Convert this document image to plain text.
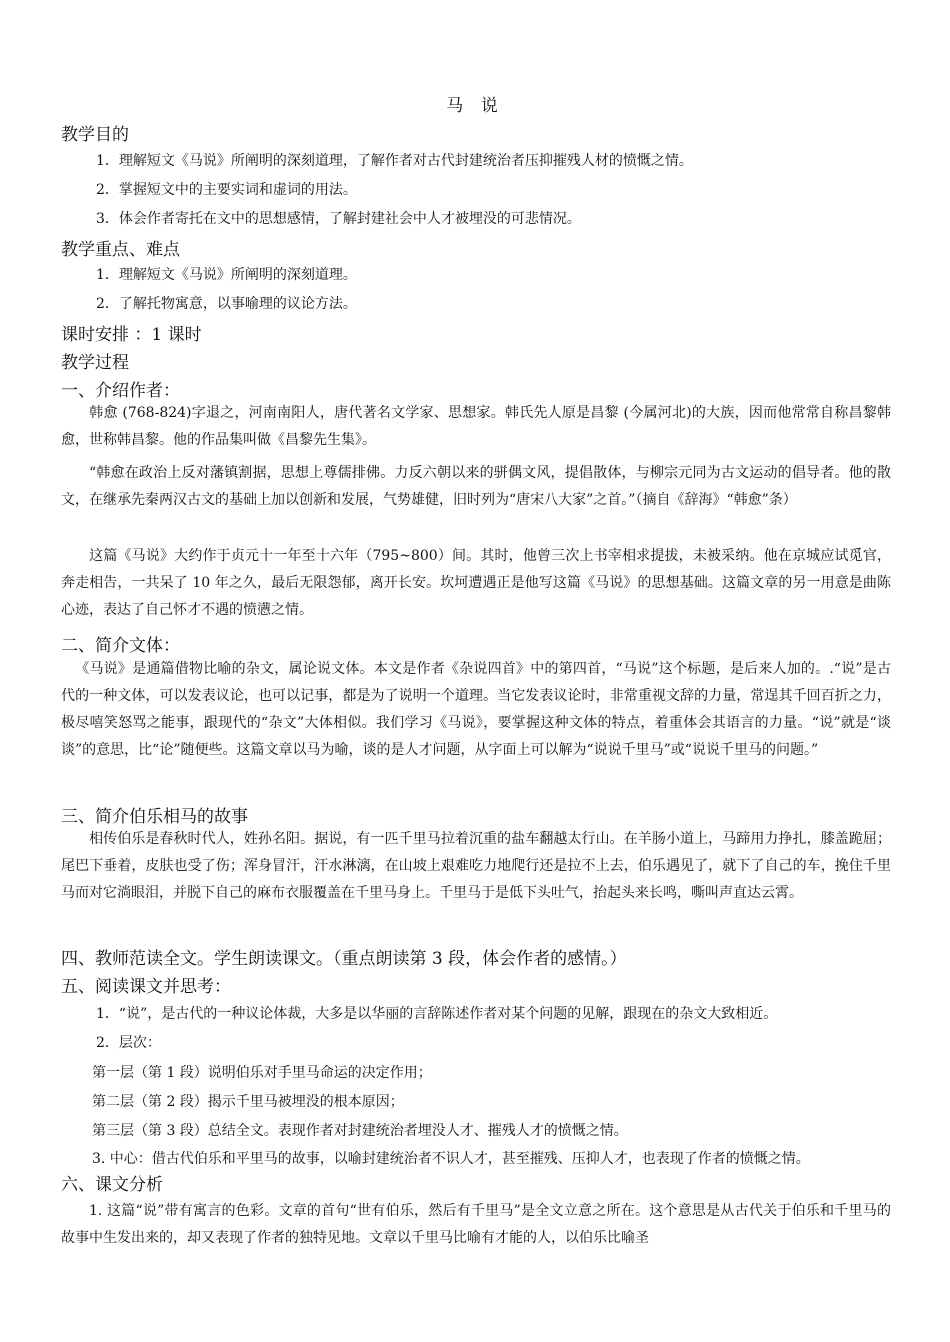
马 说
教学目的
1．理解短文《马说》所阐明的深刻道理，了解作者对古代封建统治者压抑摧残人材的愤慨之情。
2．掌握短文中的主要实词和虚词的用法。
3．体会作者寄托在文中的思想感情，了解封建社会中人才被埋没的可悲情况。
教学重点、难点
1．理解短文《马说》所阐明的深刻道理。
2．了解托物寓意，以事喻理的议论方法。
课时安排 ：1 课时
教学过程
一、介绍作者：
韩愈 (768-824)字退之，河南南阳人，唐代著名文学家、思想家。韩氏先人原是昌黎 (今属河北)的大族，因而他常常自称昌黎韩愈，世称韩昌黎。他的作品集叫做《昌黎先生集》。
“韩愈在政治上反对藩镇割据，思想上尊儒排佛。力反六朝以来的骈偶文风，提倡散体，与柳宗元同为古文运动的倡导者。他的散文，在继承先秦两汉古文的基础上加以创新和发展，气势雄健，旧时列为“唐宋八大家”之首。”（摘自《辞海》“韩愈”条）
这篇《马说》大约作于贞元十一年至十六年（795~800）间。其时，他曾三次上书宰相求提拔，未被采纳。他在京城应试觅官，奔走相告，一共呆了 10 年之久，最后无限怨郁，离开长安。坎坷遭遇正是他写这篇《马说》的思想基础。这篇文章的另一用意是曲陈心迹，表达了自己怀才不遇的愤懑之情。
二、简介文体：
《马说》是通篇借物比喻的杂文，属论说文体。本文是作者《杂说四首》中的第四首，“马说”这个标题，是后来人加的。.“说”是古代的一种文体，可以发表议论，也可以记事，都是为了说明一个道理。当它发表议论时，非常重视文辞的力量，常逞其千回百折之力，极尽嘻笑怒骂之能事，跟现代的“杂文”大体相似。我们学习《马说》，要掌握这种文体的特点，着重体会其语言的力量。“说”就是“谈谈”的意思，比“论”随便些。这篇文章以马为喻，谈的是人才问题，从字面上可以解为“说说千里马”或“说说千里马的问题。”
三、简介伯乐相马的故事
相传伯乐是春秋时代人，姓孙名阳。据说，有一匹千里马拉着沉重的盐车翻越太行山。在羊肠小道上，马蹄用力挣扎，膝盖跪屈；尾巴下垂着，皮肤也受了伤；浑身冒汗，汗水淋漓，在山坡上艰难吃力地爬行还是拉不上去，伯乐遇见了，就下了自己的车，挽住千里马而对它淌眼泪，并脱下自己的麻布衣服覆盖在千里马身上。千里马于是低下头吐气，抬起头来长鸣，嘶叫声直达云霄。
四、教师范读全文。学生朗读课文。（重点朗读第 3 段，体会作者的感情。）
五、阅读课文并思考：
1．“说”，是古代的一种议论体裁，大多是以华丽的言辞陈述作者对某个问题的见解，跟现在的杂文大致相近。
2．层次：
第一层（第 1 段）说明伯乐对手里马命运的决定作用；
第二层（第 2 段）揭示千里马被埋没的根本原因；
第三层（第 3 段）总结全文。表现作者对封建统治者埋没人才、摧残人才的愤慨之情。
3. 中心：借古代伯乐和平里马的故事，以喻封建统治者不识人才，甚至摧残、压抑人才，也表现了作者的愤慨之情。
六、课文分析
1. 这篇“说”带有寓言的色彩。文章的首句“世有伯乐，然后有千里马”是全文立意之所在。这个意思是从古代关于伯乐和千里马的故事中生发出来的，却又表现了作者的独特见地。文章以千里马比喻有才能的人，以伯乐比喻圣
